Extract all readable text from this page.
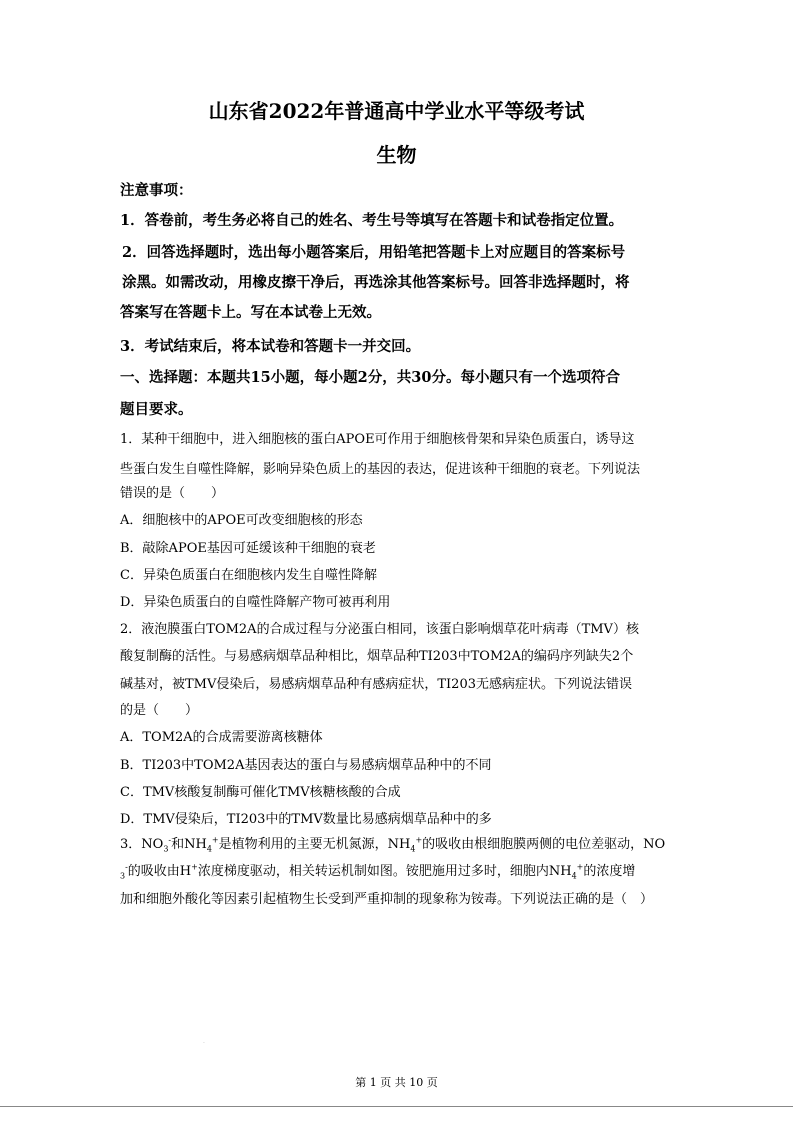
山东省2022年普通高中学业水平等级考试
生物
注意事项：
1．答卷前，考生务必将自己的姓名、考生号等填写在答题卡和试卷指定位置。
2．回答选择题时，选出每小题答案后，用铅笔把答题卡上对应题目的答案标号
涂黑。如需改动，用橡皮擦干净后，再选涂其他答案标号。回答非选择题时，将
答案写在答题卡上。写在本试卷上无效。
3．考试结束后，将本试卷和答题卡一并交回。
一、选择题：本题共15小题，每小题2分，共30分。每小题只有一个选项符合
题目要求。
1．某种干细胞中，进入细胞核的蛋白APOE可作用于细胞核骨架和异染色质蛋白，诱导这
些蛋白发生自噬性降解，影响异染色质上的基因的表达，促进该种干细胞的衰老。下列说法
错误的是（　　）
A．细胞核中的APOE可改变细胞核的形态
B．敲除APOE基因可延缓该种干细胞的衰老
C．异染色质蛋白在细胞核内发生自噬性降解
D．异染色质蛋白的自噬性降解产物可被再利用
2．液泡膜蛋白TOM2A的合成过程与分泌蛋白相同，该蛋白影响烟草花叶病毒（TMV）核
酸复制酶的活性。与易感病烟草品种相比，烟草品种TI203中TOM2A的编码序列缺失2个
碱基对，被TMV侵染后，易感病烟草品种有感病症状，TI203无感病症状。下列说法错误
的是（　　）
A．TOM2A的合成需要游离核糖体
B．TI203中TOM2A基因表达的蛋白与易感病烟草品种中的不同
C．TMV核酸复制酶可催化TMV核糖核酸的合成
D．TMV侵染后，TI203中的TMV数量比易感病烟草品种中的多
3．$NO_3^-$和$NH_4^+$是植物利用的主要无机氮源，$NH_4^+$的吸收由根细胞膜两侧的电位差驱动，NO
$_3$-的吸收由H+浓度梯度驱动，相关转运机制如图。铵肥施用过多时，细胞内$NH_4^+$的浓度增
加和细胞外酸化等因素引起植物生长受到严重抑制的现象称为铵毒。下列说法正确的是（　）
·
第 1 页 共 10 页
